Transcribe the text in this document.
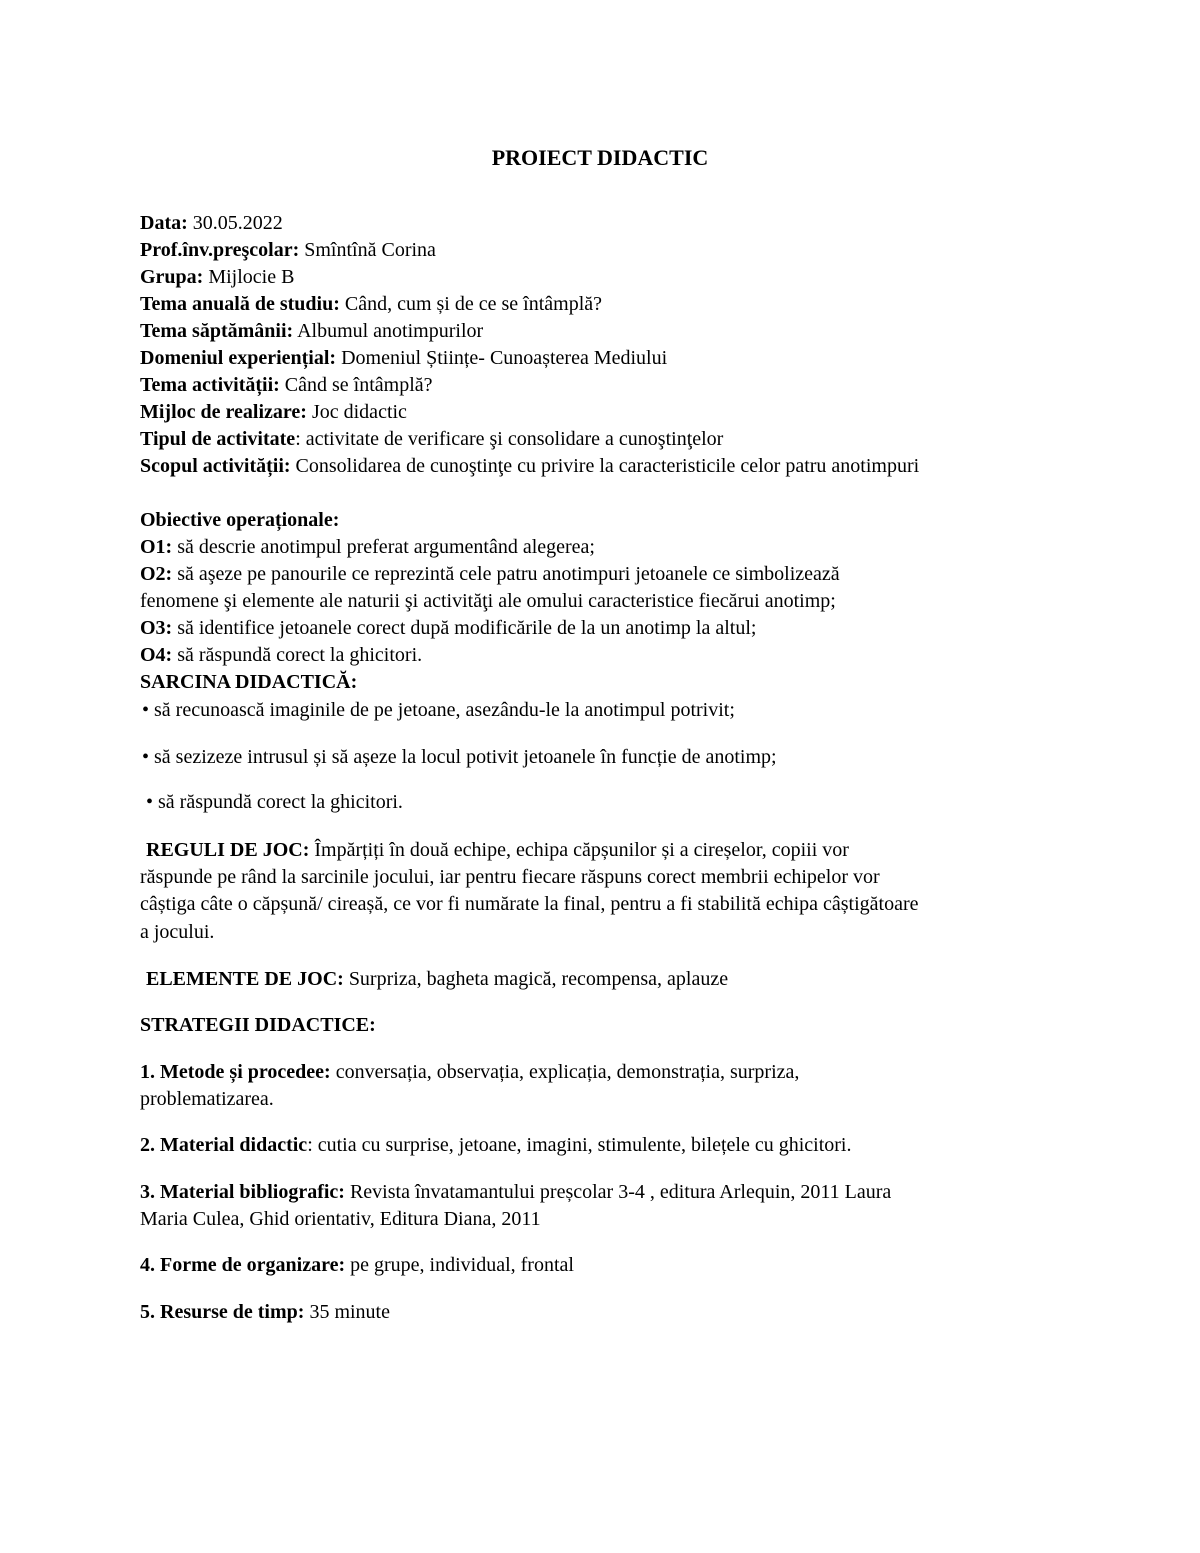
PROIECT DIDACTIC
Data: 30.05.2022
Prof.înv.preşcolar: Smîntînă Corina
Grupa: Mijlocie B
Tema anuală de studiu: Când, cum și de ce se întâmplă?
Tema săptămânii: Albumul anotimpurilor
Domeniul experiențial: Domeniul Științe- Cunoașterea Mediului
Tema activității: Când se întâmplă?
Mijloc de realizare: Joc didactic
Tipul de activitate: activitate de verificare şi consolidare a cunoştinţelor
Scopul activității: Consolidarea de cunoştinţe cu privire la caracteristicile celor patru anotimpuri
Obiective operaționale:
O1: să descrie anotimpul preferat argumentând alegerea;
O2: să aşeze pe panourile ce reprezintă cele patru anotimpuri jetoanele ce simbolizează
fenomene şi elemente ale naturii şi activităţi ale omului caracteristice fiecărui anotimp;
O3: să identifice jetoanele corect după modificările de la un anotimp la altul;
O4: să răspundă corect la ghicitori.
SARCINA DIDACTICĂ:
• să recunoască imaginile de pe jetoane, asezându-le la anotimpul potrivit;
• să sezizeze intrusul și să așeze la locul potivit jetoanele în funcție de anotimp;
• să răspundă corect la ghicitori.
REGULI DE JOC: Împărțiți în două echipe, echipa căpșunilor și a cireșelor, copiii vor
răspunde pe rând la sarcinile jocului, iar pentru fiecare răspuns corect membrii echipelor vor
câștiga câte o căpșună/ cireașă, ce vor fi numărate la final, pentru a fi stabilită echipa câștigătoare
a jocului.
ELEMENTE DE JOC: Surpriza, bagheta magică, recompensa, aplauze
STRATEGII DIDACTICE:
1. Metode și procedee: conversația, observația, explicația, demonstrația, surpriza,
problematizarea.
2. Material didactic: cutia cu surprise, jetoane, imagini, stimulente, bilețele cu ghicitori.
3. Material bibliografic: Revista învatamantului preșcolar 3-4 , editura Arlequin, 2011 Laura
Maria Culea, Ghid orientativ, Editura Diana, 2011
4. Forme de organizare: pe grupe, individual, frontal
5. Resurse de timp: 35 minute
